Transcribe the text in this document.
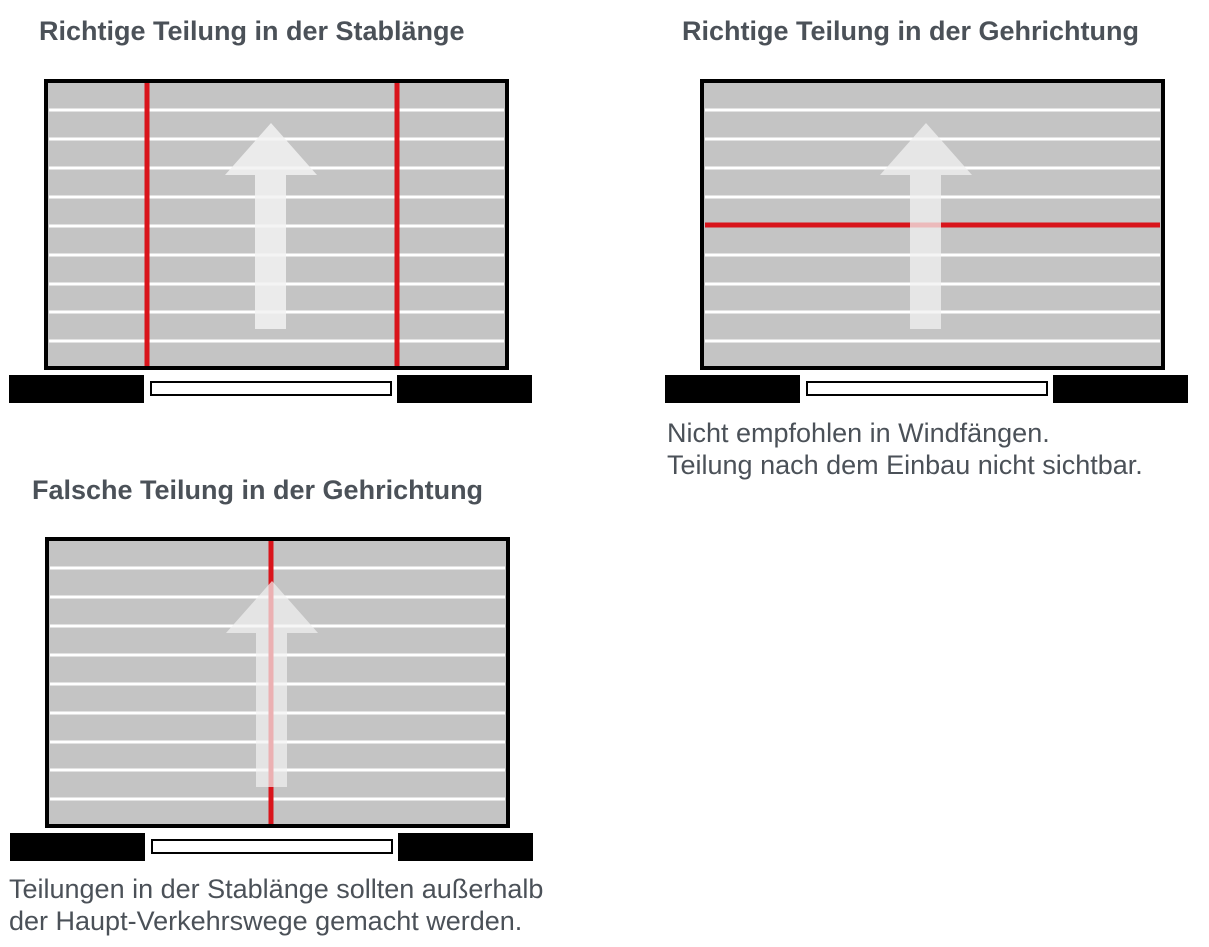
Richtige Teilung in der Stablänge	Richtige Teilung in der Gehrichtung
Nicht empfohlen in Windfängen.
Teilung nach dem Einbau nicht sichtbar.
Falsche Teilung in der Gehrichtung
Teilungen in der Stablänge sollten außerhalb
der Haupt-Verkehrswege gemacht werden.
